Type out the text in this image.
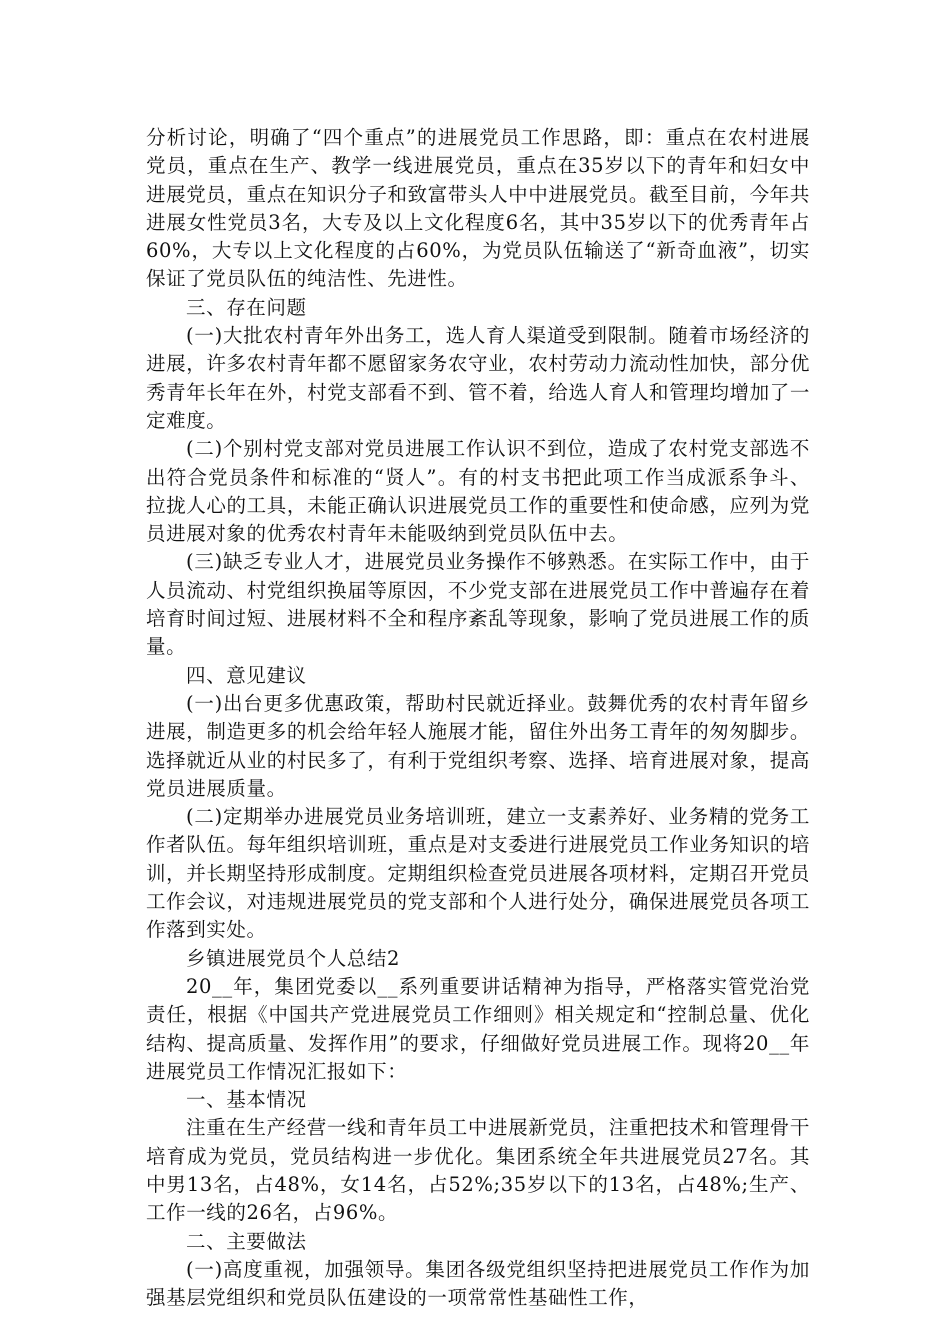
分析讨论，明确了“四个重点”的进展党员工作思路，即：重点在农村进展党员，重点在生产、教学一线进展党员，重点在35岁以下的青年和妇女中进展党员，重点在知识分子和致富带头人中中进展党员。截至目前，今年共进展女性党员3名，大专及以上文化程度6名，其中35岁以下的优秀青年占60%，大专以上文化程度的占60%，为党员队伍输送了“新奇血液”，切实保证了党员队伍的纯洁性、先进性。

三、存在问题

(一)大批农村青年外出务工，选人育人渠道受到限制。随着市场经济的进展，许多农村青年都不愿留家务农守业，农村劳动力流动性加快，部分优秀青年长年在外，村党支部看不到、管不着，给选人育人和管理均增加了一定难度。

(二)个别村党支部对党员进展工作认识不到位，造成了农村党支部选不出符合党员条件和标准的“贤人”。有的村支书把此项工作当成派系争斗、拉拢人心的工具，未能正确认识进展党员工作的重要性和使命感，应列为党员进展对象的优秀农村青年未能吸纳到党员队伍中去。

(三)缺乏专业人才，进展党员业务操作不够熟悉。在实际工作中，由于人员流动、村党组织换届等原因，不少党支部在进展党员工作中普遍存在着培育时间过短、进展材料不全和程序紊乱等现象，影响了党员进展工作的质量。

四、意见建议

(一)出台更多优惠政策，帮助村民就近择业。鼓舞优秀的农村青年留乡进展，制造更多的机会给年轻人施展才能，留住外出务工青年的匆匆脚步。选择就近从业的村民多了，有利于党组织考察、选择、培育进展对象，提高党员进展质量。

(二)定期举办进展党员业务培训班，建立一支素养好、业务精的党务工作者队伍。每年组织培训班，重点是对支委进行进展党员工作业务知识的培训，并长期坚持形成制度。定期组织检查党员进展各项材料，定期召开党员工作会议，对违规进展党员的党支部和个人进行处分，确保进展党员各项工作落到实处。

乡镇进展党员个人总结2

20__年，集团党委以__系列重要讲话精神为指导，严格落实管党治党责任，根据《中国共产党进展党员工作细则》相关规定和“控制总量、优化结构、提高质量、发挥作用”的要求，仔细做好党员进展工作。现将20__年进展党员工作情况汇报如下：

一、基本情况

注重在生产经营一线和青年员工中进展新党员，注重把技术和管理骨干培育成为党员，党员结构进一步优化。集团系统全年共进展党员27名。其中男13名，占48%，女14名，占52%;35岁以下的13名，占48%;生产、工作一线的26名，占96%。

二、主要做法

(一)高度重视，加强领导。集团各级党组织坚持把进展党员工作作为加强基层党组织和党员队伍建设的一项常常性基础性工作，
